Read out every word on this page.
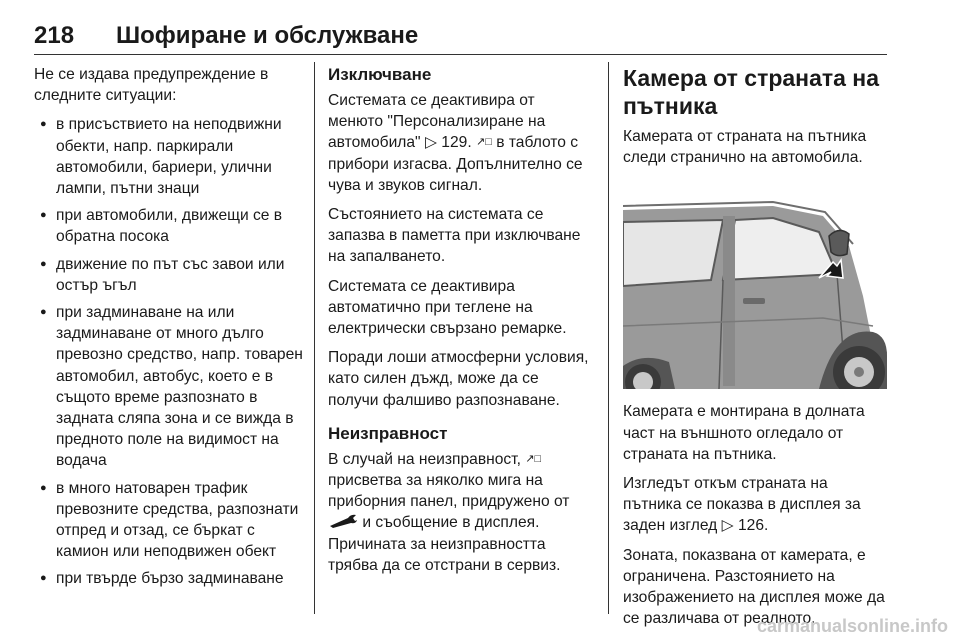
218 Шофиране и обслужване

Не се издава предупреждение в следните ситуации:

● в присъствието на неподвижни обекти, напр. паркирали автомобили, бариери, улични лампи, пътни знаци
● при автомобили, движещи се в обратна посока
● движение по път със завои или остър ъгъл
● при задминаване на или задминаване от много дълго превозно средство, напр. товарен автомобил, автобус, което е в същото време разпознато в задната сляпа зона и се вижда в предното поле на видимост на водача
● в много натоварен трафик превозните средства, разпознати отпред и отзад, се бъркат с камион или неподвижен обект
● при твърде бързо задминаване
Изключване

Системата се деактивира от менюто "Персонализиране на автомобила" ▷ 129. ↗□ в таблото с прибори изгасва. Допълнително се чува и звуков сигнал.

Състоянието на системата се запазва в паметта при изключване на запалването.

Системата се деактивира автоматично при теглене на електрически свързано ремарке.

Поради лоши атмосферни условия, като силен дъжд, може да се получи фалшиво разпознаване.

Неизправност

В случай на неизправност, ↗□ присветва за няколко мига на приборния панел, придружено от  и съобщение в дисплея.

Причината за неизправността трябва да се отстрани в сервиз.

Камера от страната на пътника

Камерата от страната на пътника следи странично на автомобила.

Камерата е монтирана в долната част на външното огледало от страната на пътника.

Изгледът откъм страната на пътника се показва в дисплея за заден изглед ▷ 126.

Зоната, показвана от камерата, е ограничена. Разстоянието на изображението на дисплея може да се различава от реалното.

carmanualsonline.info
